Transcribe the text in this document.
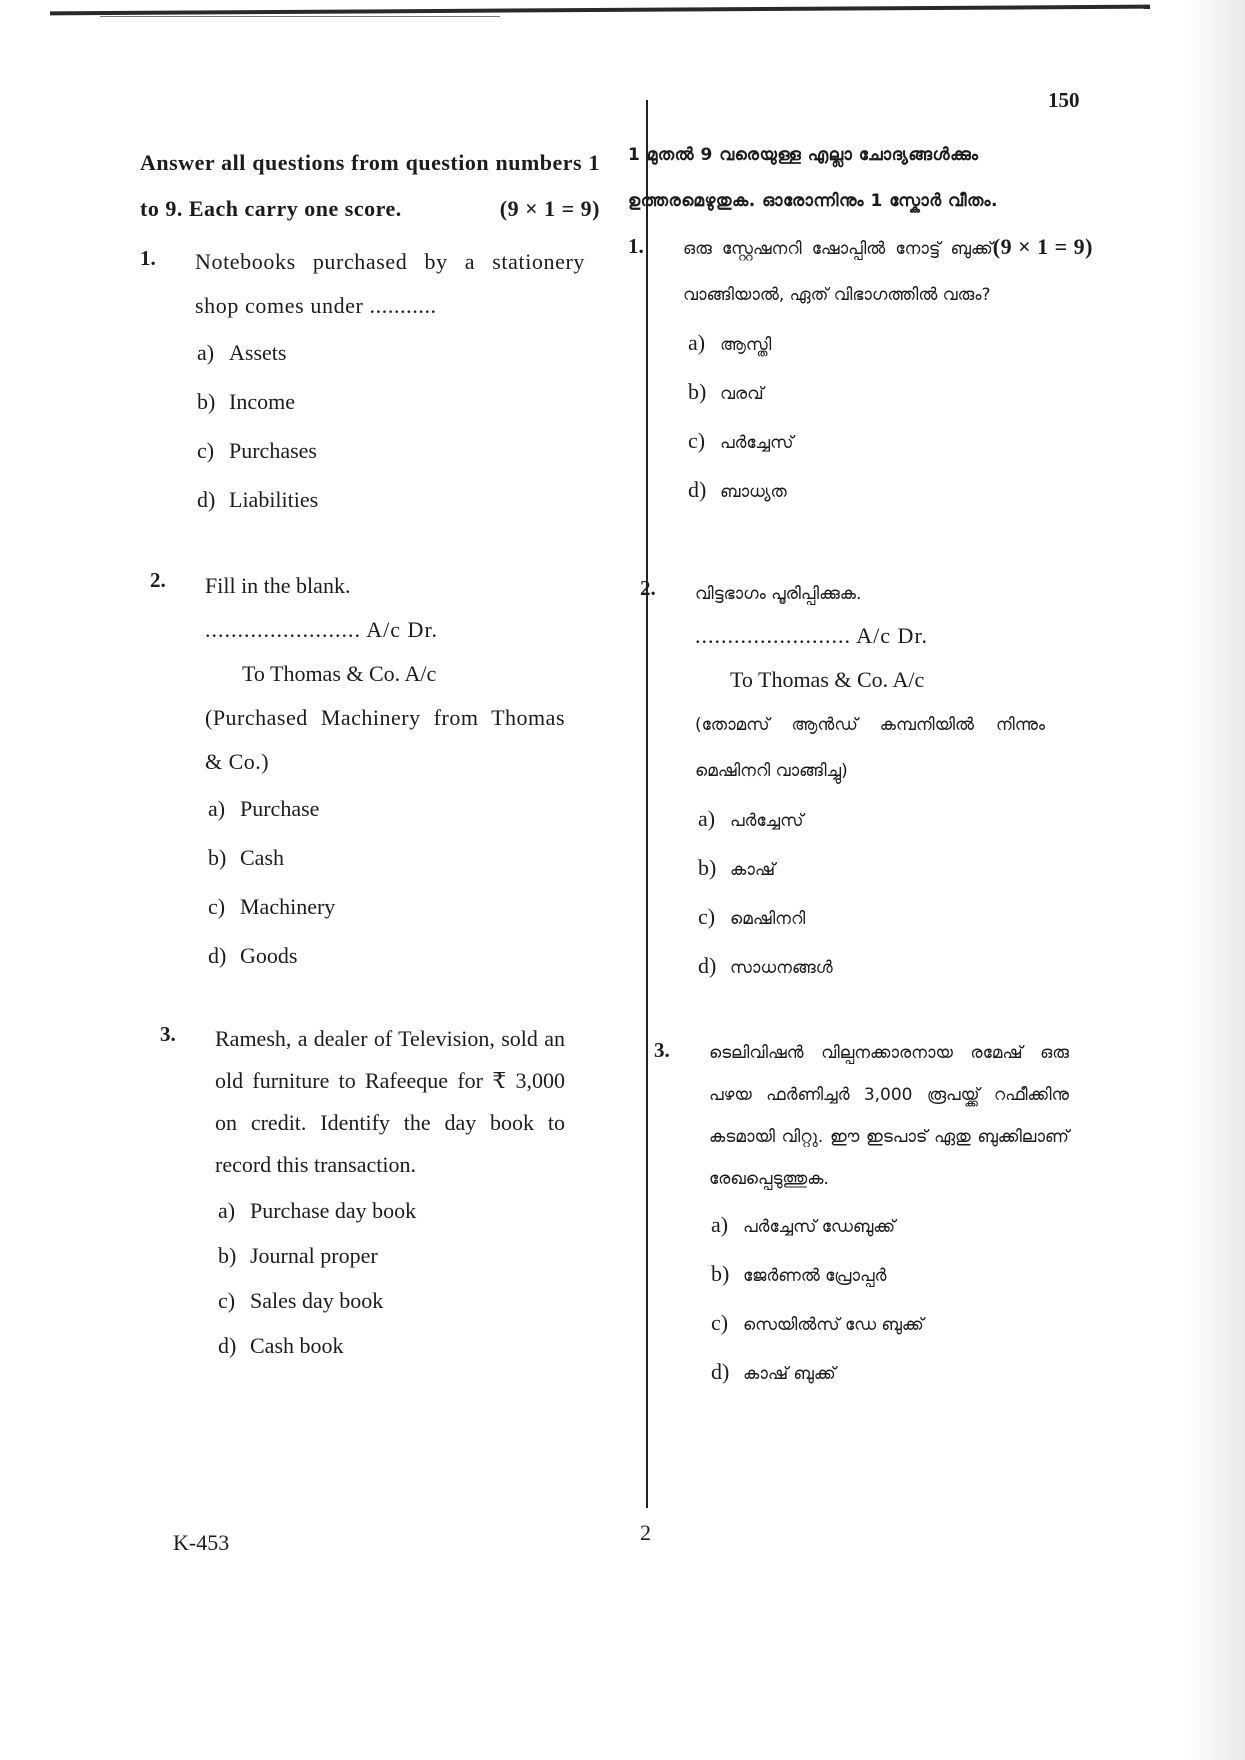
150
Answer all questions from question numbers 1 to 9. Each carry one score.	(9 × 1 = 9)
1. Notebooks purchased by a stationery shop comes under ...........
a) Assets
b) Income
c) Purchases
d) Liabilities
2. Fill in the blank.
........................ A/c Dr.
To Thomas & Co. A/c
(Purchased Machinery from Thomas & Co.)
a) Purchase
b) Cash
c) Machinery
d) Goods
3. Ramesh, a dealer of Television, sold an old furniture to Rafeeque for ₹ 3,000 on credit. Identify the day book to record this transaction.
a) Purchase day book
b) Journal proper
c) Sales day book
d) Cash book
1 മുതൽ 9 വരെയുള്ള എല്ലാ ചോദ്യങ്ങൾക്കും ഉത്തരമെഴുതുക. ഓരോന്നിനും 1 സ്കോർ വീതം.
(9 × 1 = 9)
1. ഒരു സ്റ്റേഷനറി ഷോപ്പിൽ നോട്ട് ബുക്ക് വാങ്ങിയാൽ, ഏത് വിഭാഗത്തിൽ വരും?
a) ആസ്തി
b) വരവ്
c) പർച്ചേസ്
d) ബാധ്യത
2. വിട്ടഭാഗം പൂരിപ്പിക്കുക.
........................ A/c Dr.
To Thomas & Co. A/c
(തോമസ് ആൻഡ് കമ്പനിയിൽ നിന്നും മെഷിനറി വാങ്ങിച്ചു)
a) പർച്ചേസ്
b) കാഷ്
c) മെഷിനറി
d) സാധനങ്ങൾ
3. ടെലിവിഷൻ വില്പനക്കാരനായ രമേഷ് ഒരു പഴയ ഫർണിച്ചർ 3,000 രൂപയ്ക്ക് റഫീക്കിനു കടമായി വിറ്റു. ഈ ഇടപാട് ഏതു ബുക്കിലാണ് രേഖപ്പെടുത്തുക.
a) പർച്ചേസ് ഡേബുക്ക്
b) ജേർണൽ പ്രോപ്പർ
c) സെയിൽസ് ഡേ ബുക്ക്
d) കാഷ് ബുക്ക്
K-453	2
